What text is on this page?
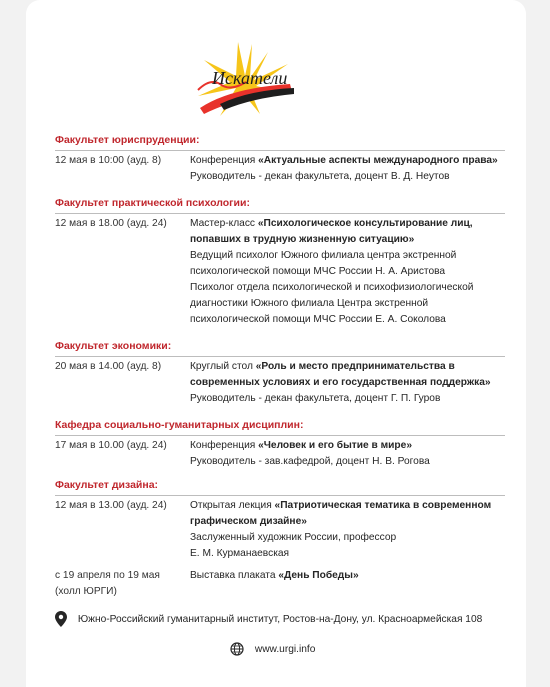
Искатели
Факультет юриспруденции:
12 мая в 10:00 (ауд. 8)	Конференция «Актуальные аспекты международного права»
Руководитель - декан факультета, доцент В. Д. Неутов
Факультет практической психологии:
12 мая в 18.00 (ауд. 24) Мастер-класс «Психологическое консультирование лиц,
попавших в трудную жизненную ситуацию»
Ведущий психолог Южного филиала центра экстренной
психологической помощи МЧС России Н. А. Аристова
Психолог отдела психологической и психофизиологической
диагностики Южного филиала Центра экстренной
психологической помощи МЧС России Е. А. Соколова
Факультет экономики:
20 мая в 14.00 (ауд. 8)	Круглый стол «Роль и место предпринимательства в
современных условиях и его государственная поддержка»
Руководитель - декан факультета, доцент Г. П. Гуров
Кафедра социально-гуманитарных дисциплин:
17 мая в 10.00 (ауд. 24) Конференция «Человек и его бытие в мире»
Руководитель - зав.кафедрой, доцент Н. В. Рогова
Факультет дизайна:
12 мая в 13.00 (ауд. 24) Открытая лекция «Патриотическая тематика в современном
графическом дизайне»
Заслуженный художник России, профессор
Е. М. Курманаевская
с 19 апреля по 19 мая
(холл ЮРГИ)
Выставка плаката «День Победы»
Южно-Российский гуманитарный институт, Ростов-на-Дону, ул. Красноармейская 108
www.urgi.info
